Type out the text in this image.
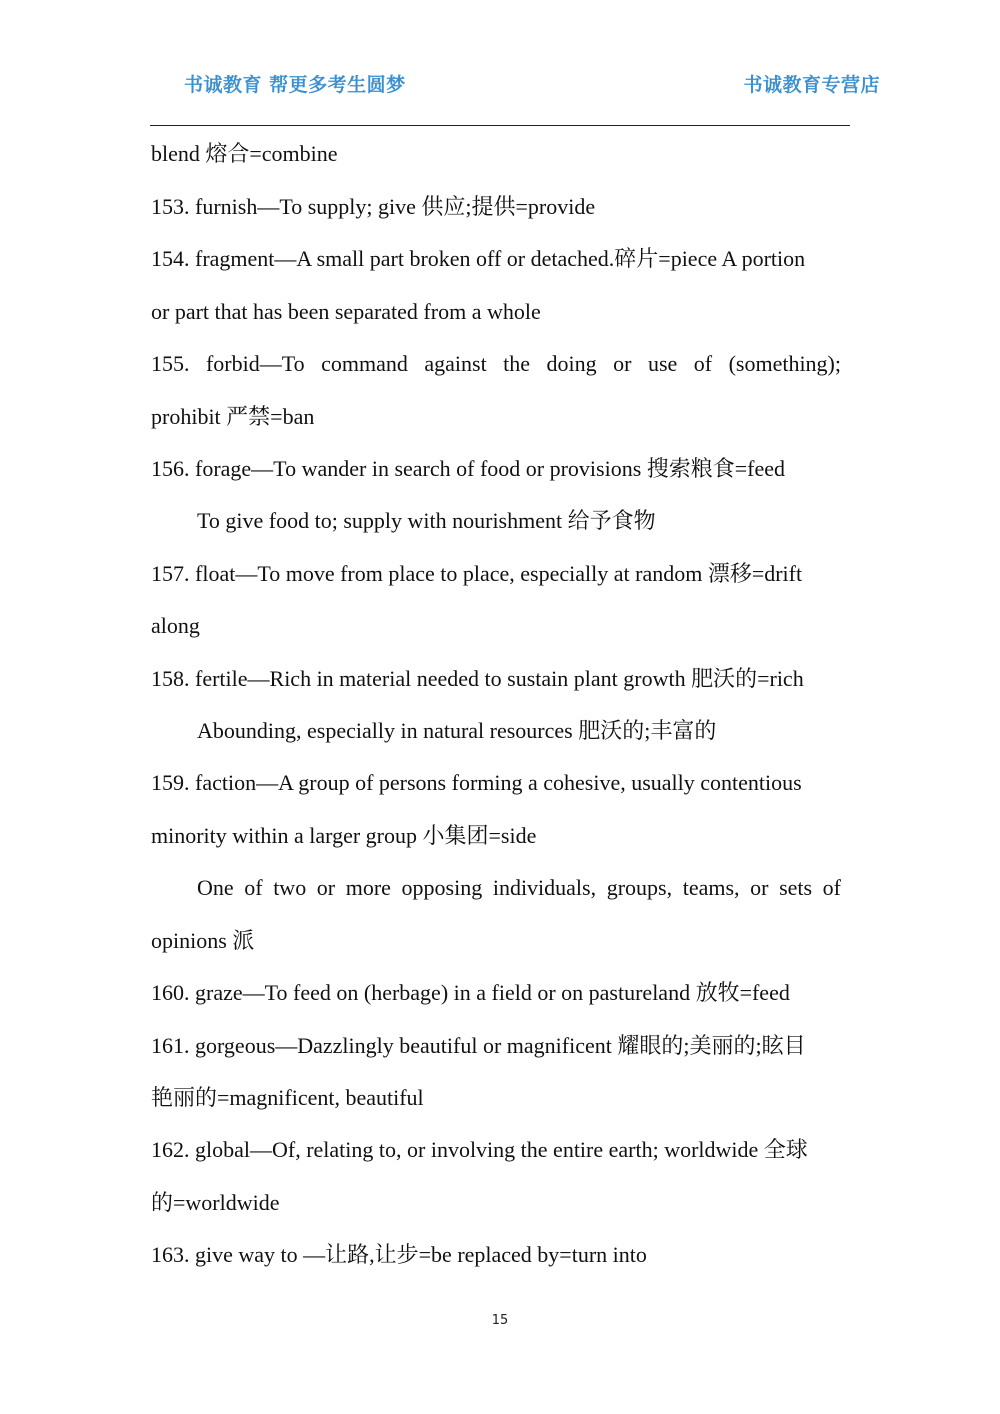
书诚教育 帮更多考生圆梦	书诚教育专营店
blend 熔合=combine
153. furnish—To supply; give 供应;提供=provide
154. fragment—A small part broken off or detached.碎片=piece A portion
or part that has been separated from a whole
155. forbid—To command against the doing or use of (something);
prohibit 严禁=ban
156. forage—To wander in search of food or provisions 搜索粮食=feed
To give food to; supply with nourishment 给予食物
157. float—To move from place to place, especially at random 漂移=drift
along
158. fertile—Rich in material needed to sustain plant growth 肥沃的=rich
Abounding, especially in natural resources 肥沃的;丰富的
159. faction—A group of persons forming a cohesive, usually contentious
minority within a larger group 小集团=side
One of two or more opposing individuals, groups, teams, or sets of
opinions 派
160. graze—To feed on (herbage) in a field or on pastureland 放牧=feed
161. gorgeous—Dazzlingly beautiful or magnificent 耀眼的;美丽的;眩目
艳丽的=magnificent, beautiful
162. global—Of, relating to, or involving the entire earth; worldwide 全球
的=worldwide
163. give way to —让路,让步=be replaced by=turn into
15
